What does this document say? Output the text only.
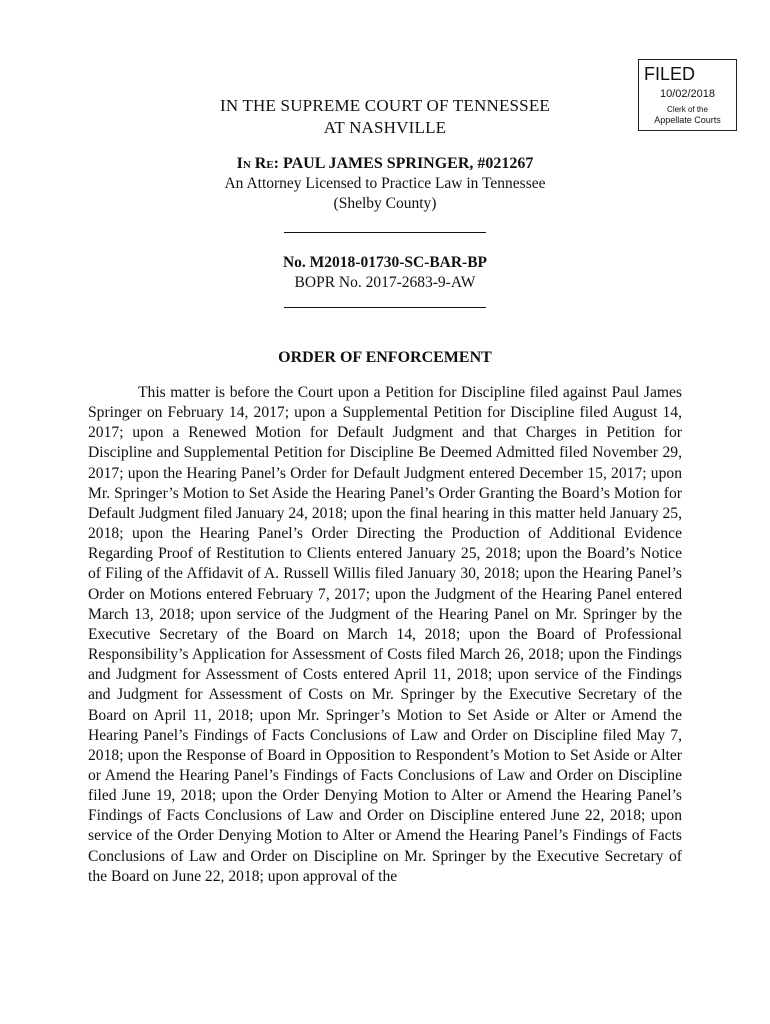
FILED
10/02/2018
Clerk of the
Appellate Courts
IN THE SUPREME COURT OF TENNESSEE
AT NASHVILLE
In Re: PAUL JAMES SPRINGER, #021267
An Attorney Licensed to Practice Law in Tennessee
(Shelby County)
No. M2018-01730-SC-BAR-BP
BOPR No. 2017-2683-9-AW
ORDER OF ENFORCEMENT

This matter is before the Court upon a Petition for Discipline filed against Paul James Springer on February 14, 2017; upon a Supplemental Petition for Discipline filed August 14, 2017; upon a Renewed Motion for Default Judgment and that Charges in Petition for Discipline and Supplemental Petition for Discipline Be Deemed Admitted filed November 29, 2017; upon the Hearing Panel’s Order for Default Judgment entered December 15, 2017; upon Mr. Springer’s Motion to Set Aside the Hearing Panel’s Order Granting the Board’s Motion for Default Judgment filed January 24, 2018; upon the final hearing in this matter held January 25, 2018; upon the Hearing Panel’s Order Directing the Production of Additional Evidence Regarding Proof of Restitution to Clients entered January 25, 2018; upon the Board’s Notice of Filing of the Affidavit of A. Russell Willis filed January 30, 2018; upon the Hearing Panel’s Order on Motions entered February 7, 2017; upon the Judgment of the Hearing Panel entered March 13, 2018; upon service of the Judgment of the Hearing Panel on Mr. Springer by the Executive Secretary of the Board on March 14, 2018; upon the Board of Professional Responsibility’s Application for Assessment of Costs filed March 26, 2018; upon the Findings and Judgment for Assessment of Costs entered April 11, 2018; upon service of the Findings and Judgment for Assessment of Costs on Mr. Springer by the Executive Secretary of the Board on April 11, 2018; upon Mr. Springer’s Motion to Set Aside or Alter or Amend the Hearing Panel’s Findings of Facts Conclusions of Law and Order on Discipline filed May 7, 2018; upon the Response of Board in Opposition to Respondent’s Motion to Set Aside or Alter or Amend the Hearing Panel’s Findings of Facts Conclusions of Law and Order on Discipline filed June 19, 2018; upon the Order Denying Motion to Alter or Amend the Hearing Panel’s Findings of Facts Conclusions of Law and Order on Discipline entered June 22, 2018; upon service of the Order Denying Motion to Alter or Amend the Hearing Panel’s Findings of Facts Conclusions of Law and Order on Discipline on Mr. Springer by the Executive Secretary of the Board on June 22, 2018; upon approval of the
